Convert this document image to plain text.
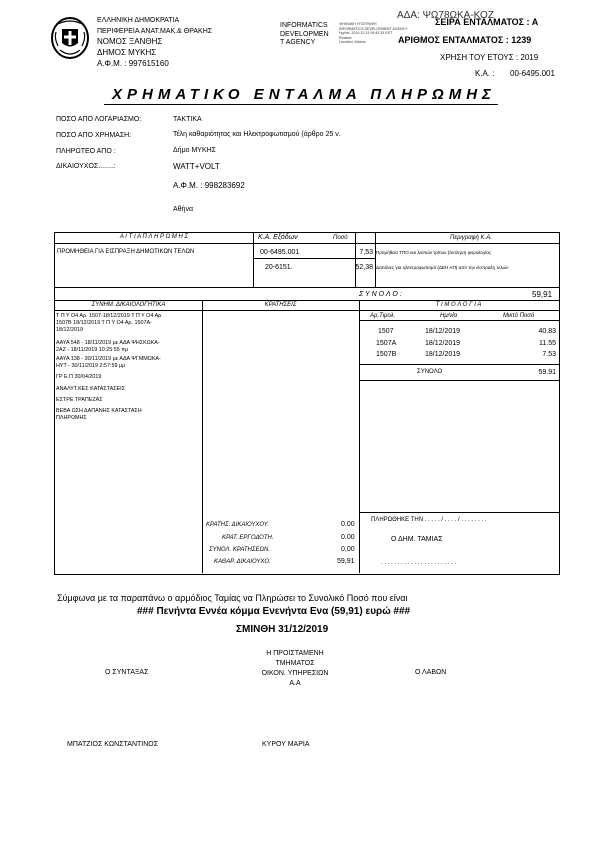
ΕΛΛΗΝΙΚΗ ΔΗΜΟΚΡΑΤΙΑ
ΠΕΡΙΦΕΡΕΙΑ ΑΝΑΤ.ΜΑΚ.& ΘΡΑΚΗΣ
ΝΟΜΟΣ ΞΑΝΘΗΣ
ΔΗΜΟΣ ΜΥΚΗΣ
Α.Φ.Μ. : 997615160
INFORMATICS
DEVELOPMEN
T AGENCY
ΨΗΦΙΑΚΗ ΥΠΟΓΡΑΦΗ
INFORMATICS DEVELOPMENT AGENCY
Ημ/νία: 2019.12.31 09:42:33 EET
Reason:
Location: Athens
ΑΔΑ: ΨΩ78ΩΚΑ-ΚΟΖ
ΣΕΙΡΑ ΕΝΤΑΛΜΑΤΟΣ : Α
ΑΡΙΘΜΟΣ ΕΝΤΑΛΜΑΤΟΣ : 1239
ΧΡΗΣΗ ΤΟΥ ΕΤΟΥΣ : 2019
Κ.Α. : 00-6495.001
ΧΡΗΜΑΤΙΚΟ ΕΝΤΑΛΜΑ ΠΛΗΡΩΜΗΣ
ΠΟΣΟ ΑΠΟ ΛΟΓΑΡΙΑΣΜΟ:	ΤΑΚΤΙΚΑ
ΠΟΣΟ ΑΠΟ ΧΡΗΜΑΣΗ:	Τέλη καθαριότητας και Ηλεκτροφωτισμού (άρθρο 25 ν.
ΠΛΗΡΩΤΕΟ ΑΠΟ :	Δήμο ΜΥΚΗΣ
ΔΙΚΑΙΟΥΧΟΣ........:	WATT+VOLT
Α.Φ.Μ. : 998283692
Αθήνα
Α Ι Τ Ι Α Π Λ Η Ρ Ω Μ Η Σ	Κ.Α. Εξόδων	Ποσό	Περιγραφή Κ.Α.
ΠΡΟΜΗΘΕΙΑ ΓΙΑ ΕΙΣΠΡΑΞΗ ΔΗΜΟΤΙΚΩΝ ΤΕΛΩΝ	00-6495.001	7,53 Προμήθεια ΤΠΟ και λοιπών τρίτων (άντληση φορολογίας
20-6151.	52,38 Δαπάνες για ηλεκτροφωτισμό (ΔΕΗ ΑΠ) από την είσπραξη τελών
Σ Υ Ν Ο Λ Ο :	59,91
ΣΥΝΗΜ. ΔΙΚΑΙΟΛΟΓΗΤΙΚΑ	ΚΡΑΤΗΣΕΙΣ	Τ Ι Μ Ο Λ Ο Γ Ι Α
Τ Π Υ Ο4 Αρ. 1507-18/12/2019 Τ Π Υ Ο4 Αρ.
1507Β 18/12/2019 Τ Π Υ Ο4 Αρ. 1507Α-
18/12/2019
ΑΑΥΑ 548 - 18/11/2019 με ΑΔΑ ΨΗΣΚΩΚΑ-
2ΑΖ - 18/11/2019 10:25:55 πμ
ΑΑΥΑ 138 - 30/11/2019 με ΑΔΑ ΨΓΜΜΩΚΑ-
ΗΥΤ - 30/11/2019 2:57:59 μμ
ΓΡ Ε.Π 30/04/2019
ΑΝΑΛΥΤ.ΚΕΣ ΚΑΤΑΣΤΑΣΕΙΣ
ΕΣΤΡΕ ΤΡΑΠΕΖΑΣ
ΒΕΒΑ ΩΣΗ ΔΑΠΑΝΗΣ ΚΑΤΑΣΤΑΣΗ
ΠΛΗΡΩΜΗΣ
Αρ.Τιμολ.	Ημ/νία	Μικτό Ποσό
1507	18/12/2019	40.83
1507Α	18/12/2019	11.55
1507Β	18/12/2019	7.53
ΣΥΝΟΛΟ	59.91
ΚΡΑΤΗΣ. ΔΙΚΑΙΟΥΧΟΥ.	0.00
ΚΡΑΤ. ΕΡΓΟΔΟΤΗ.	0.00
ΣΥΝΟΛ. ΚΡΑΤΗΣΕΩΝ.	0,00
ΚΑΘΑΡ. ΔΙΚΑΙΟΥΧΟ.	59,91
ΠΛΗΡΩΘΗΚΕ ΤΗΝ . . . . . / . . . . / . . . . . . . .
Ο ΔΗΜ. ΤΑΜΙΑΣ
. . . . . . . . . . . . . . . . . . . . . . .
Σύμφωνα με τα παραπάνω ο αρμόδιος Ταμίας να Πληρώσει το Συνολικό Ποσό που είναι
### Πενήντα Εννέα κόμμα Ενενήντα Ενα (59,91) ευρώ ###
ΣΜΙΝΘΗ 31/12/2019
Η ΠΡΟΙΣΤΑΜΕΝΗ
ΤΜΗΜΑΤΟΣ
ΟΙΚΟΝ. ΥΠΗΡΕΣΙΩΝ
Α.Α
Ο ΣΥΝΤΑΞΑΣ	Ο ΛΑΒΩΝ
ΜΠΑΤΖΙΟΣ ΚΩΝΣΤΑΝΤΙΝΟΣ	ΚΥΡΟΥ ΜΑΡΙΑ
